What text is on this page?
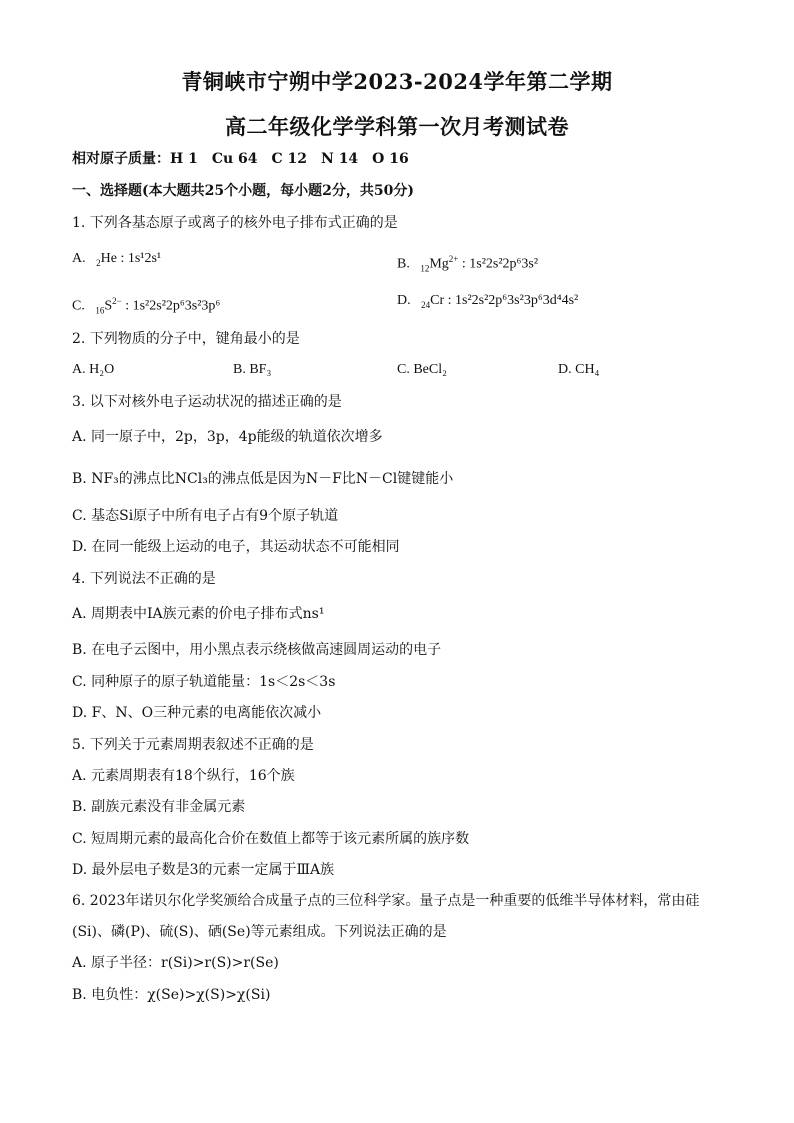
青铜峡市宁朔中学2023-2024学年第二学期
高二年级化学学科第一次月考测试卷
相对原子质量：H 1　Cu 64　C 12　N 14　O 16
一、选择题(本大题共25个小题，每小题2分，共50分)
1. 下列各基态原子或离子的核外电子排布式正确的是
A. $_2$He : 1s¹2s¹	B. $_{12}Mg^{2+}$ : 1s²2s²2p⁶3s²
C. $_{16}S^{2-}$ : 1s²2s²2p⁶3s²3p⁶	D. $_{24}$Cr : 1s²2s²2p⁶3s²3p⁶3d⁴4s²
2. 下列物质的分子中，键角最小的是
A. H₂O	B. BF₃	C. BeCl₂	D. CH₄
3. 以下对核外电子运动状况的描述正确的是
A. 同一原子中，2p，3p，4p能级的轨道依次增多
B. NF₃的沸点比NCl₃的沸点低是因为N－F比N－Cl键键能小
C. 基态Si原子中所有电子占有9个原子轨道
D. 在同一能级上运动的电子，其运动状态不可能相同
4. 下列说法不正确的是
A. 周期表中ⅠA族元素的价电子排布式ns¹
B. 在电子云图中，用小黑点表示绕核做高速圆周运动的电子
C. 同种原子的原子轨道能量：1s＜2s＜3s
D. F、N、O三种元素的电离能依次减小
5. 下列关于元素周期表叙述不正确的是
A. 元素周期表有18个纵行，16个族
B. 副族元素没有非金属元素
C. 短周期元素的最高化合价在数值上都等于该元素所属的族序数
D. 最外层电子数是3的元素一定属于ⅢA族
6. 2023年诺贝尔化学奖颁给合成量子点的三位科学家。量子点是一种重要的低维半导体材料，常由硅
(Si)、磷(P)、硫(S)、硒(Se)等元素组成。下列说法正确的是
A. 原子半径：r(Si)>r(S)>r(Se)
B. 电负性：χ(Se)>χ(S)>χ(Si)
